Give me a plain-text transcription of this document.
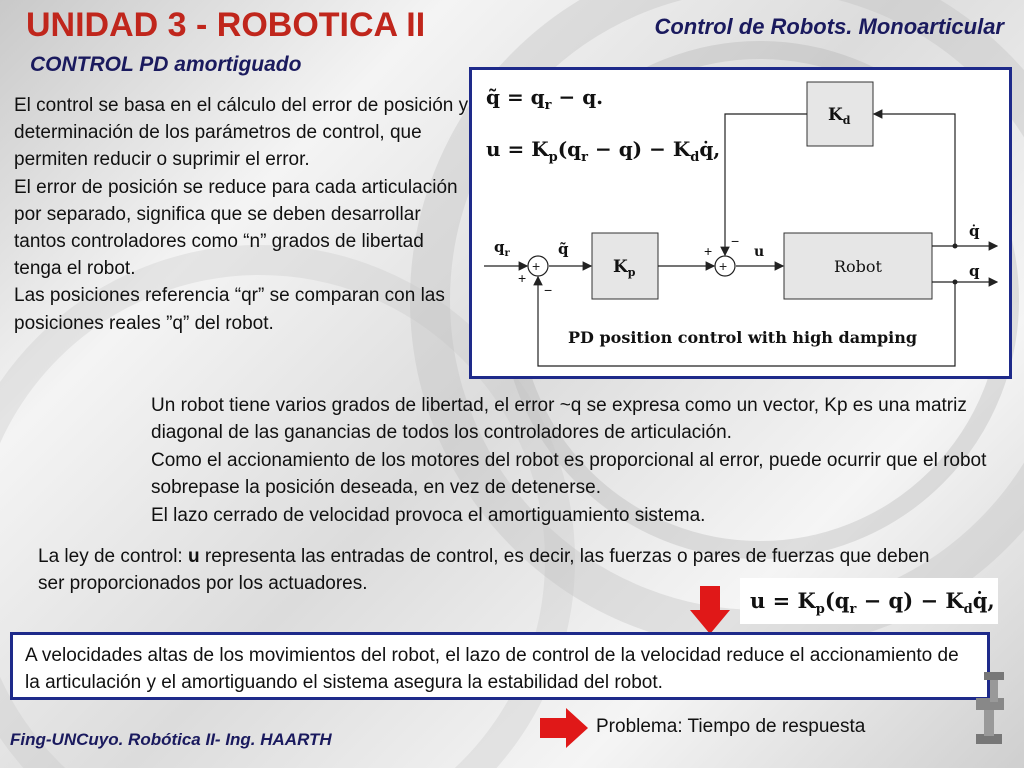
UNIDAD 3 - ROBOTICA II
CONTROL PD amortiguado
Control de Robots. Monoarticular

El control se basa en el cálculo del error de posición y determinación de los parámetros de control, que permiten reducir o suprimir el error.

El error de posición se reduce para cada articulación por separado, significa que se deben desarrollar tantos controladores como “n” grados de libertad tenga el robot.

Las posiciones referencia “qr” se comparan con las posiciones reales ”q” del robot.

q̃ = $q_r - q$.
$u = K_p(q_r - q)$ − $K_dq̇$,
$K_d$
$K_p$	Robot
+	+
$q_r$	q̃	u
q̇
q
+
−
+
−
PD position control with high damping

Un robot tiene varios grados de libertad, el error ~q se expresa como un vector, Kp es una matriz diagonal de las ganancias de todos los controladores de articulación.

Como el accionamiento de los motores del robot es proporcional al error, puede ocurrir que el robot sobrepase la posición deseada, en vez de detenerse.

El lazo cerrado de velocidad provoca el amortiguamiento sistema.

La ley de control: u representa las entradas de control, es decir, las fuerzas o pares de fuerzas que deben ser proporcionados por los actuadores.

$u = K_p(q_r - q)$ − $K_dq̇$,

A velocidades altas de los movimientos del robot, el lazo de control de la velocidad reduce el accionamiento de la articulación y el amortiguando el sistema asegura la estabilidad del robot.

Fing-UNCuyo. Robótica II- Ing. HAARTH
Problema: Tiempo de respuesta
